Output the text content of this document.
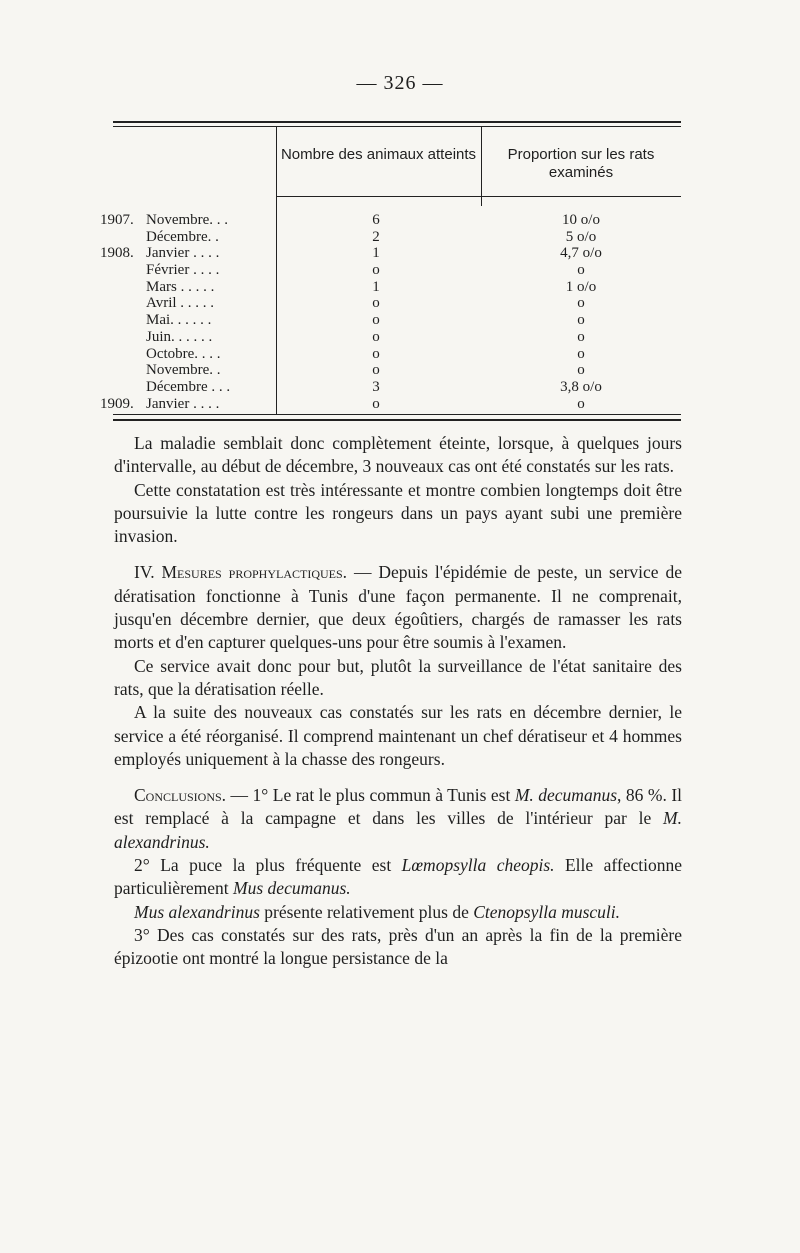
— 326 —
Nombre des animaux atteints	Proportion sur les rats examinés
1907. Novembre. . .	6	10 o/o
Décembre. .	2	5 o/o
1908. Janvier . . . .	1	4,7 o/o
Février . . . .	o	o
Mars . . . . .	1	1 o/o
Avril . . . . .	o	o
Mai. . . . . .	o	o
Juin. . . . . .	o	o
Octobre. . . .	o	o
Novembre. .	o	o
Décembre . . .	3	3,8 o/o
1909. Janvier . . . .	o	o

La maladie semblait donc complètement éteinte, lorsque, à quelques jours d'intervalle, au début de décembre, 3 nouveaux cas ont été constatés sur les rats.

Cette constatation est très intéressante et montre combien longtemps doit être poursuivie la lutte contre les rongeurs dans un pays ayant subi une première invasion.

IV. Mesures prophylactiques. — Depuis l'épidémie de peste, un service de dératisation fonctionne à Tunis d'une façon permanente. Il ne comprenait, jusqu'en décembre dernier, que deux égoûtiers, chargés de ramasser les rats morts et d'en capturer quelques-uns pour être soumis à l'examen.

Ce service avait donc pour but, plutôt la surveillance de l'état sanitaire des rats, que la dératisation réelle.

A la suite des nouveaux cas constatés sur les rats en décembre dernier, le service a été réorganisé. Il comprend maintenant un chef dératiseur et 4 hommes employés uniquement à la chasse des rongeurs.

Conclusions. — 1° Le rat le plus commun à Tunis est M. decumanus, 86 %. Il est remplacé à la campagne et dans les villes de l'intérieur par le M. alexandrinus.

2° La puce la plus fréquente est Lœmopsylla cheopis. Elle affectionne particulièrement Mus decumanus.

Mus alexandrinus présente relativement plus de Ctenopsylla musculi.

3° Des cas constatés sur des rats, près d'un an après la fin de la première épizootie ont montré la longue persistance de la
